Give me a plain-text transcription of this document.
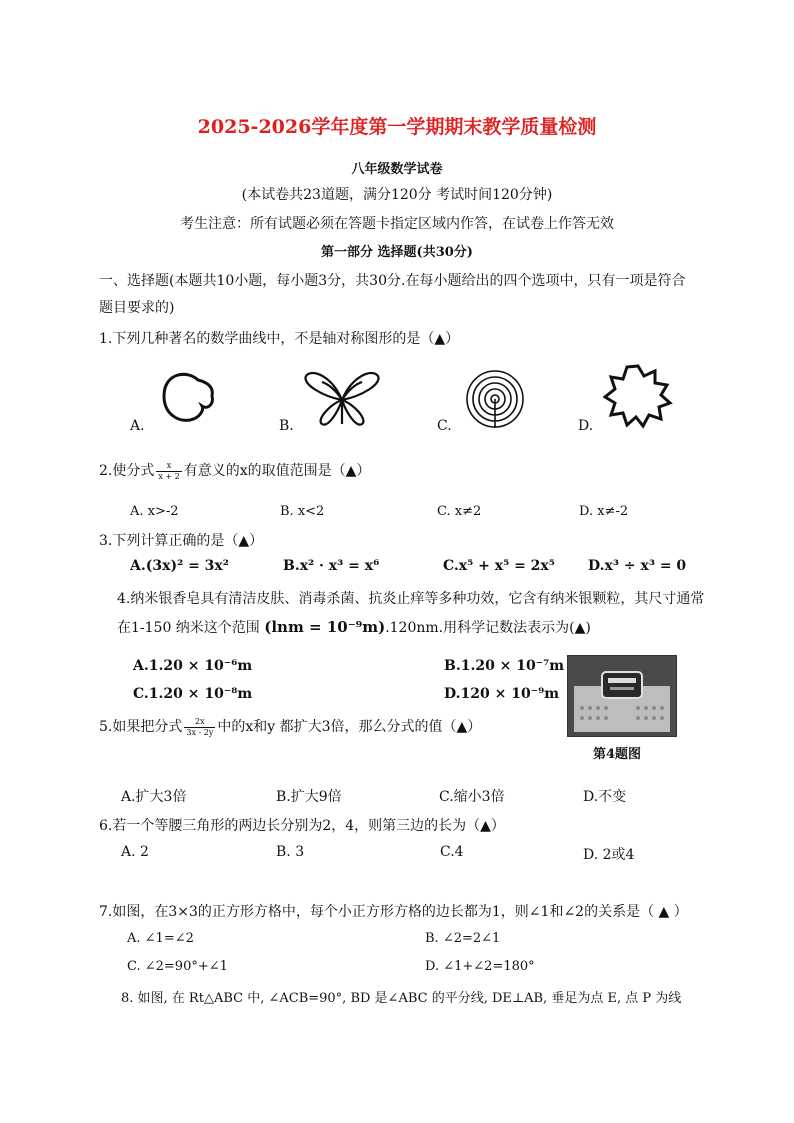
2025-2026学年度第一学期期末教学质量检测
八年级数学试卷
(本试卷共23道题，满分120分 考试时间120分钟)
考生注意：所有试题必须在答题卡指定区域内作答，在试卷上作答无效
第一部分 选择题(共30分)
一、选择题(本题共10小题，每小题3分，共30分.在每小题给出的四个选项中，只有一项是符合
题目要求的)
1.下列几种著名的数学曲线中，不是轴对称图形的是（▲）
A.	B.	C.	D.
2.使分式 $\frac{x}{x + 2}$ 有意义的x的取值范围是（▲）
A. x>-2	B. x<2	C. x≠2	D. x≠-2
3.下列计算正确的是（▲）
A.(3x)² = 3x²	B.x² · x³ = x⁶	C.x⁵ + x⁵ = 2x⁵ D.x³ ÷ x³ = 0
4.纳米银香皂具有清洁皮肤、消毒杀菌、抗炎止痒等多种功效，它含有纳米银颗粒，其尺寸通常
在1-150 纳米这个范围 (lnm = 10⁻⁹m).120nm.用科学记数法表示为(▲)
A.1.20 × 10⁻⁶m	B.1.20 × 10⁻⁷m
C.1.20 × 10⁻⁸m	D.120 × 10⁻⁹m
第4题图
5.如果把分式 $\frac{2x}{3x - 2y}$ 中的x和y 都扩大3倍，那么分式的值（▲）
A.扩大3倍	B.扩大9倍	C.缩小3倍	D.不变
6.若一个等腰三角形的两边长分别为2，4，则第三边的长为（▲）
A. 2	B. 3	C.4	D. 2或4
7.如图，在3×3的正方形方格中，每个小正方形方格的边长都为1，则∠1和∠2的关系是（ ▲ ）
A. ∠1=∠2	B. ∠2=2∠1
C. ∠2=90°+∠1	D. ∠1+∠2=180°
8. 如图, 在 Rt△ABC 中, ∠ACB=90°, BD 是∠ABC 的平分线, DE⊥AB, 垂足为点 E, 点 P 为线
